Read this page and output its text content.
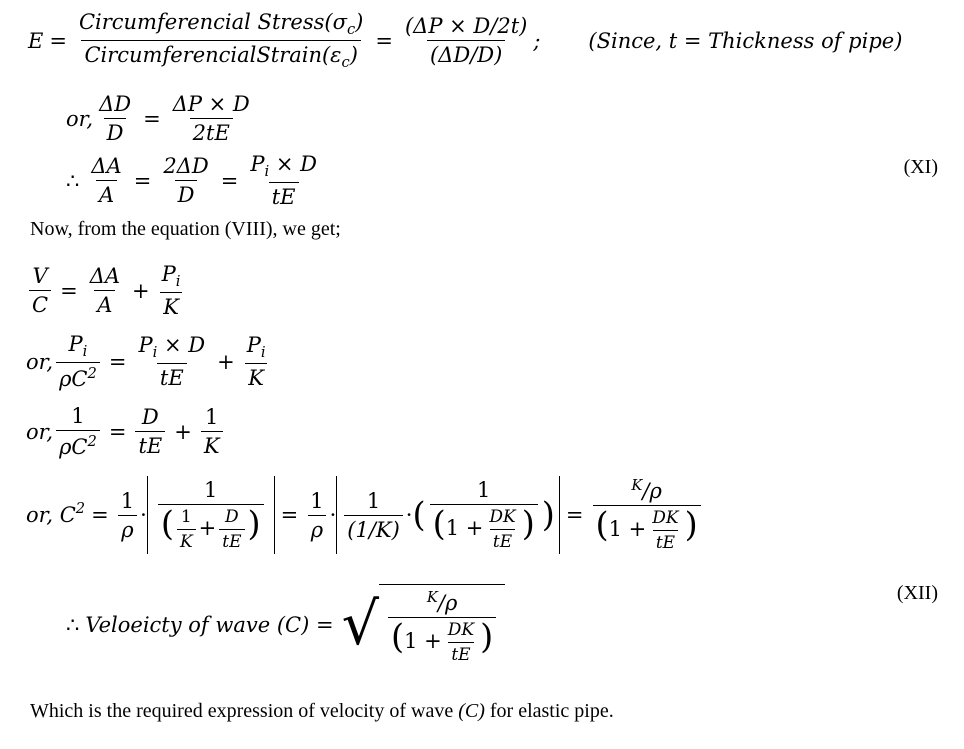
$E = \frac{Circumferencial Stress(\sigma_c)}{CircumferencialStrain(\varepsilon_c)} = \frac{(\Delta P \times D/2t)}{(\Delta D/D)}$ ; (Since, t = Thickness of pipe)
or, $\frac{\Delta D}{D} = \frac{\Delta P \times D}{2tE}$
∴ $\frac{\Delta A}{A} = \frac{2\Delta D}{D} = \frac{P_i \times D}{tE}$	(XI)
Now, from the equation (VIII), we get;
$\frac{V}{C} = \frac{\Delta A}{A} + \frac{P_i}{K}$
or, $\frac{P_i}{\rho C^2} = \frac{P_i \times D}{tE} + \frac{P_i}{K}$
or, $\frac{1}{\rho C^2} = \frac{D}{tE} + \frac{1}{K}$
or, $C^2 = \frac{1}{\rho} \cdot \frac{1}{( \frac{1}{K} + \frac{D}{tE} )} = \frac{1}{\rho} \cdot \frac{1}{(1/K)}$ · ( $\frac{1}{(1 + \frac{DK}{tE} )}$ ) = $\frac{^K/\rho}{(1 + \frac{DK}{tE} )}$
∴ Veloeicty of wave (C) = √ $\frac{^K/\rho}{(1 + \frac{DK}{tE} )}$	(XII)
Which is the required expression of velocity of wave (C) for elastic pipe.
